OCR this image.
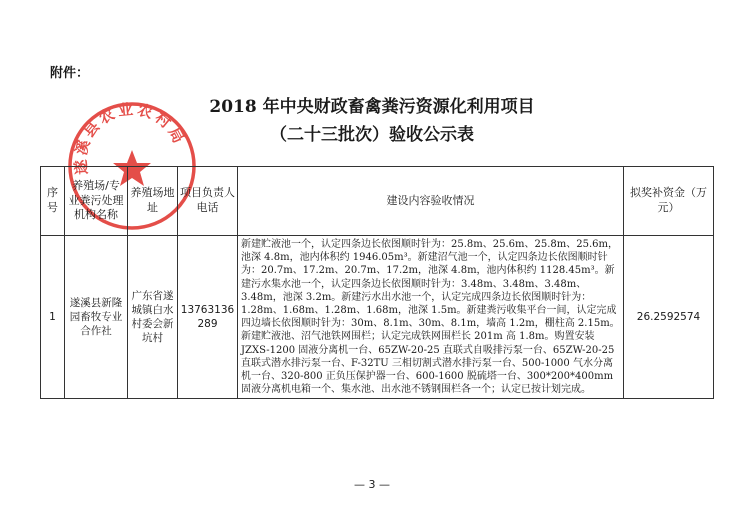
附件：
2018 年中央财政畜禽粪污资源化利用项目
（二十三批次）验收公示表
遂溪县农业农村局
序号	养殖场/专业粪污处理机构名称	养殖场地址	项目负责人电话	建设内容验收情况	拟奖补资金（万元）
1	遂溪县新隆园畜牧专业合作社	广东省遂城镇白水村委会新坑村	13763136289	新建贮液池一个，认定四条边长依图顺时针为：25.8m、25.6m、25.8m、25.6m，池深 4.8m，池内体积约 1946.05m³。新建沼气池一个，认定四条边长依图顺时针为：20.7m、17.2m、20.7m、17.2m，池深 4.8m，池内体积约 1128.45m³。新建污水集水池一个，认定四条边长依图顺时针为：3.48m、3.48m、3.48m、3.48m，池深 3.2m。新建污水出水池一个，认定完成四条边长依图顺时针为：1.28m、1.68m、1.28m、1.68m，池深 1.5m。新建粪污收集平台一间，认定完成四边墙长依图顺时针为：30m、8.1m、30m、8.1m，墙高 1.2m，棚柱高 2.15m。新建贮液池、沼气池铁网围栏；认定完成铁网围栏长 201m 高 1.8m。购置安装 JZXS-1200 固液分离机一台、65ZW-20-25 直联式自吸排污泵一台、65ZW-20-25 直联式潜水排污泵一台、F-32TU 三相切割式潜水排污泵一台、500-1000 气水分离机一台、320-800 正负压保护器一台、600-1600 脱硫塔一台、300*200*400mm 固液分离机电箱一个、集水池、出水池不锈钢围栏各一个；认定已按计划完成。	26.2592574
— 3 —
